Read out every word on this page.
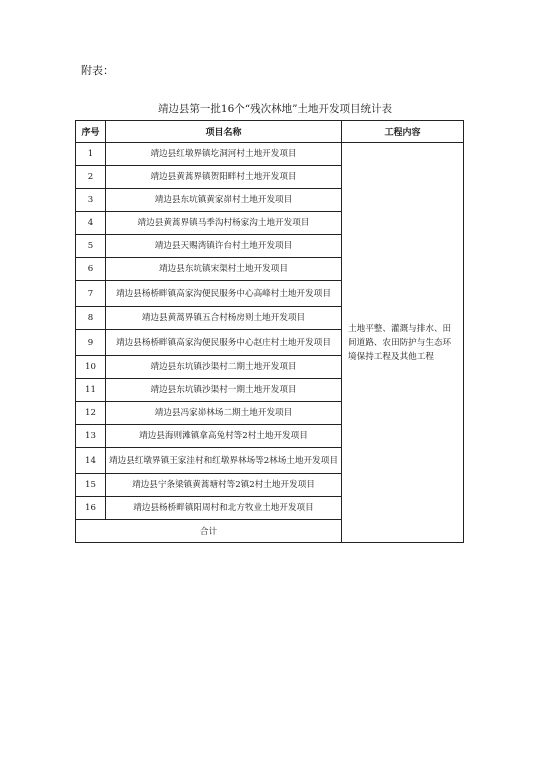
附表：
靖边县第一批16个“残次林地”土地开发项目统计表
序号	项目名称	工程内容
1	靖边县红墩界镇圪洞河村土地开发项目	土地平整、灌溉与排水、田间道路、农田防护与生态环境保持工程及其他工程
2	靖边县黄蒿界镇贺阳畔村土地开发项目	
3	靖边县东坑镇黄家峁村土地开发项目	
4	靖边县黄蒿界镇马季沟村杨家沟土地开发项目	
5	靖边县天赐湾镇许台村土地开发项目	
6	靖边县东坑镇宋渠村土地开发项目	
7	靖边县杨桥畔镇高家沟便民服务中心高峰村土地开发项目	
8	靖边县黄蒿界镇五合村杨房则土地开发项目	
9	靖边县杨桥畔镇高家沟便民服务中心赵庄村土地开发项目	
10	靖边县东坑镇沙渠村二期土地开发项目	
11	靖边县东坑镇沙渠村一期土地开发项目	
12	靖边县冯家峁林场二期土地开发项目	
13	靖边县海则滩镇拿高兔村等2村土地开发项目	
14	靖边县红墩界镇王家洼村和红墩界林场等2林场土地开发项目	
15	靖边县宁条梁镇黄蒿塘村等2镇2村土地开发项目	
16	靖边县杨桥畔镇阳周村和北方牧业土地开发项目	
合计		
